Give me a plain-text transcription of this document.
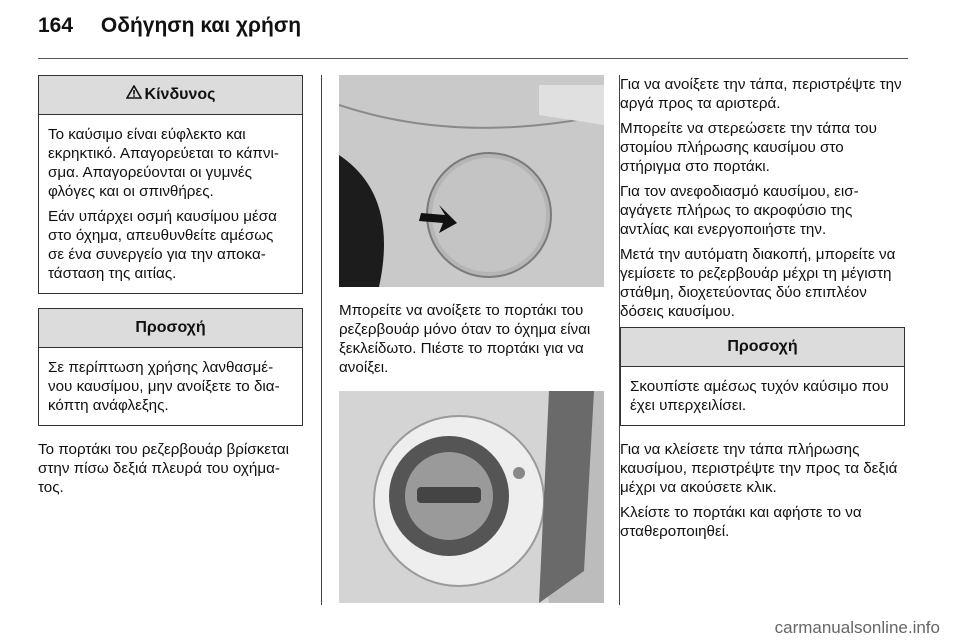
164 Οδήγηση και χρήση
Κίνδυνος

Το καύσιμο είναι εύφλεκτο και εκρηκτικό. Απαγορεύεται το κάπνι-σμα. Απαγορεύονται οι γυμνές φλόγες και οι σπινθήρες.

Εάν υπάρχει οσμή καυσίμου μέσα στο όχημα, απευθυνθείτε αμέσως σε ένα συνεργείο για την αποκα-τάσταση της αιτίας.

Προσοχή

Σε περίπτωση χρήσης λανθασμέ-νου καυσίμου, μην ανοίξετε το δια-κόπτη ανάφλεξης.

Το πορτάκι του ρεζερβουάρ βρίσκεται στην πίσω δεξιά πλευρά του οχήμα-τος.

Μπορείτε να ανοίξετε το πορτάκι του ρεζερβουάρ μόνο όταν το όχημα είναι ξεκλείδωτο. Πιέστε το πορτάκι για να ανοίξει.

Για να ανοίξετε την τάπα, περιστρέψτε την αργά προς τα αριστερά.

Μπορείτε να στερεώσετε την τάπα του στομίου πλήρωσης καυσίμου στο στήριγμα στο πορτάκι.

Για τον ανεφοδιασμό καυσίμου, εισ-αγάγετε πλήρως το ακροφύσιο της αντλίας και ενεργοποιήστε την.

Μετά την αυτόματη διακοπή, μπορείτε να γεμίσετε το ρεζερβουάρ μέχρι τη μέγιστη στάθμη, διοχετεύοντας δύο επιπλέον δόσεις καυσίμου.

Προσοχή

Σκουπίστε αμέσως τυχόν καύσιμο που έχει υπερχειλίσει.

Για να κλείσετε την τάπα πλήρωσης καυσίμου, περιστρέψτε την προς τα δεξιά μέχρι να ακούσετε κλικ.

Κλείστε το πορτάκι και αφήστε το να σταθεροποιηθεί.

carmanualsonline.info
